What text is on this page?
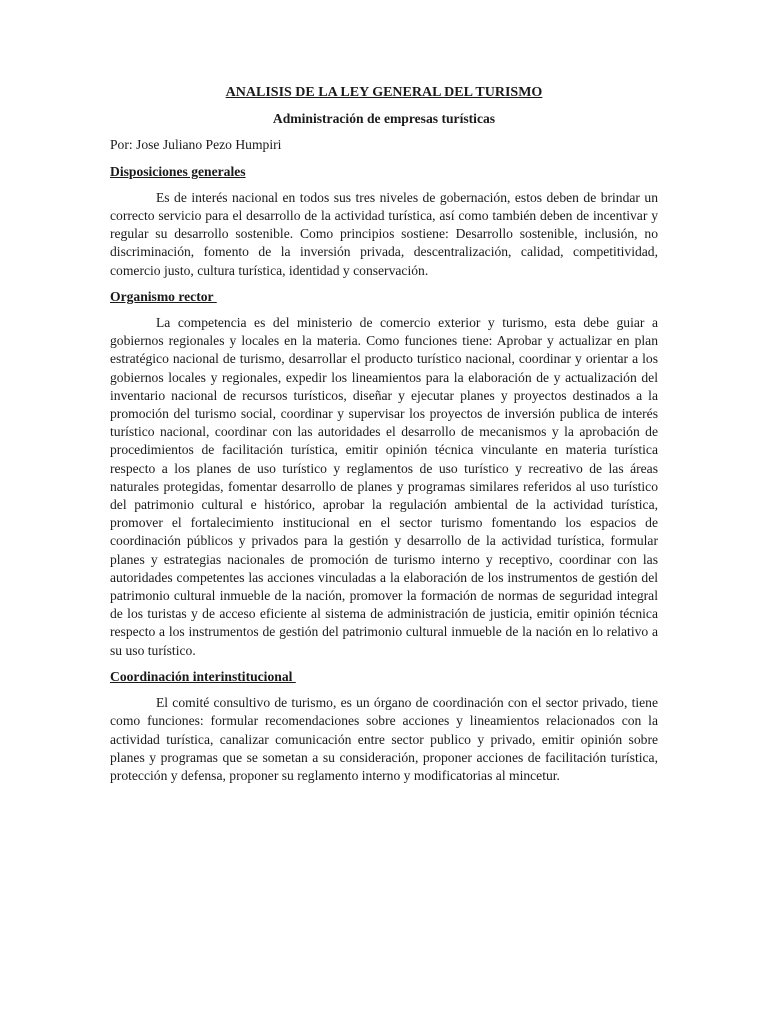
ANALISIS DE LA LEY GENERAL DEL TURISMO
Administración de empresas turísticas
Por: Jose Juliano Pezo Humpiri
Disposiciones generales
Es de interés nacional en todos sus tres niveles de gobernación, estos deben de brindar un correcto servicio para el desarrollo de la actividad turística, así como también deben de incentivar y regular su desarrollo sostenible. Como principios sostiene: Desarrollo sostenible, inclusión, no discriminación, fomento de la inversión privada, descentralización, calidad, competitividad, comercio justo, cultura turística, identidad y conservación.
Organismo rector
La competencia es del ministerio de comercio exterior y turismo, esta debe guiar a gobiernos regionales y locales en la materia. Como funciones tiene: Aprobar y actualizar en plan estratégico nacional de turismo, desarrollar el producto turístico nacional, coordinar y orientar a los gobiernos locales y regionales, expedir los lineamientos para la elaboración de y actualización del inventario nacional de recursos turísticos, diseñar y ejecutar planes y proyectos destinados a la promoción del turismo social, coordinar y supervisar los proyectos de inversión publica de interés turístico nacional, coordinar con las autoridades el desarrollo de mecanismos y la aprobación de procedimientos de facilitación turística, emitir opinión técnica vinculante en materia turística respecto a los planes de uso turístico y reglamentos de uso turístico y recreativo de las áreas naturales protegidas, fomentar desarrollo de planes y programas similares referidos al uso turístico del patrimonio cultural e histórico, aprobar la regulación ambiental de la actividad turística, promover el fortalecimiento institucional en el sector turismo fomentando los espacios de coordinación públicos y privados para la gestión y desarrollo de la actividad turística, formular planes y estrategias nacionales de promoción de turismo interno y receptivo, coordinar con las autoridades competentes las acciones vinculadas a la elaboración de los instrumentos de gestión del patrimonio cultural inmueble de la nación, promover la formación de normas de seguridad integral de los turistas y de acceso eficiente al sistema de administración de justicia, emitir opinión técnica respecto a los instrumentos de gestión del patrimonio cultural inmueble de la nación en lo relativo a su uso turístico.
Coordinación interinstitucional
El comité consultivo de turismo, es un órgano de coordinación con el sector privado, tiene como funciones: formular recomendaciones sobre acciones y lineamientos relacionados con la actividad turística, canalizar comunicación entre sector publico y privado, emitir opinión sobre planes y programas que se sometan a su consideración, proponer acciones de facilitación turística, protección y defensa, proponer su reglamento interno y modificatorias al mincetur.
